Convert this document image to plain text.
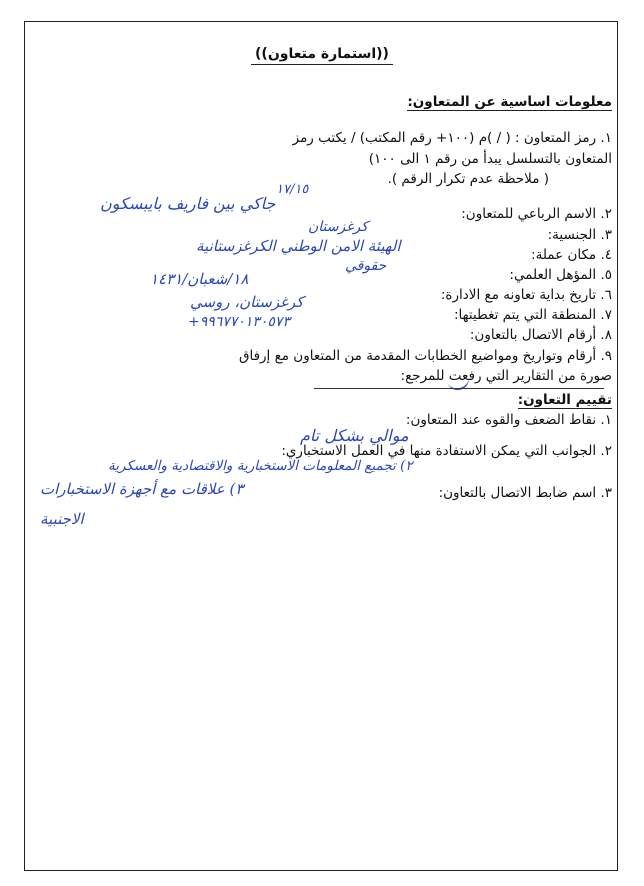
((استمارة متعاون))
معلومات اساسية عن المتعاون:
١. رمز المتعاون : ( / )م (١٠٠+ رقم المكتب) / يكتب رمز
المتعاون بالتسلسل يبدأ من رقم ١ الى ١٠٠)
( ملاحظة عدم تكرار الرقم ).
١٧/١٥
٢. الاسم الرباعي للمتعاون:
جاكي بين فاريف بايبسكون
٣. الجنسية:
كرغزستان
٤. مكان عملة:
الهيئة الامن الوطني الكرغزستانية
٥. المؤهل العلمي:
حقوقي
٦. تاريخ بداية تعاونه مع الادارة:
١٨/شعبان/١٤٣١
٧. المنطقة التي يتم تغطيتها:
كرغزستان، روسي
٨. أرقام الاتصال بالتعاون:
+٩٩٦٧٧٠١٣٠٥٧٣
٩. أرقام وتواريخ ومواضيع الخطابات المقدمة من المتعاون مع إرفاق
صورة من التقارير التي رفعت للمرجع:
تقييم التعاون:
١. نقاط الضعف والقوه عند المتعاون:
موالي بشكل تام
٢. الجوانب التي يمكن الاستفادة منها في العمل الاستخباري:
٢) تجميع المعلومات الاستخبارية والاقتصادية والعسكرية
٣. اسم ضابط الاتصال بالتعاون:
٣) علاقات مع أجهزة الاستخبارات
الاجنبية
